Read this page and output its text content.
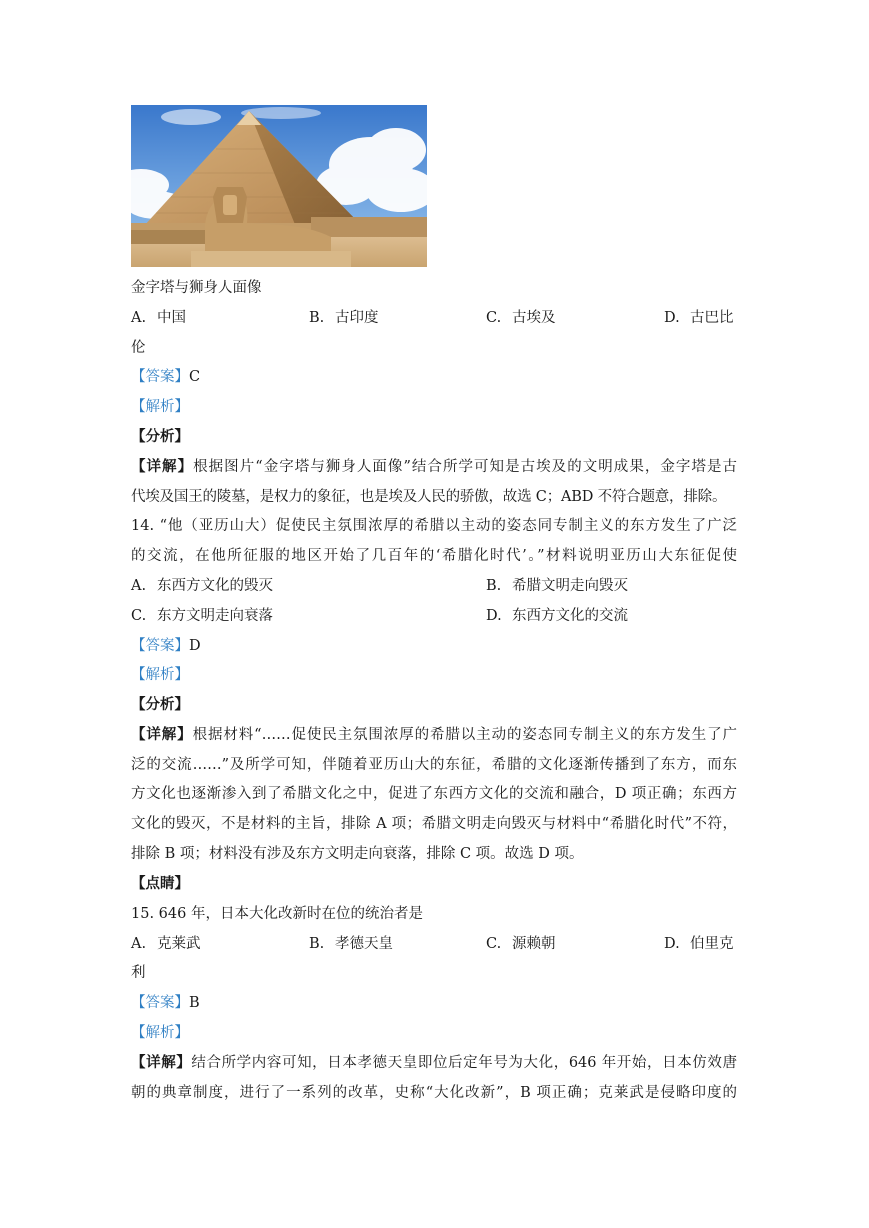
金字塔与狮身人面像
A. 中国	B. 古印度	C. 古埃及	D. 古巴比
伦
【答案】C
【解析】
【分析】
【详解】根据图片“金字塔与狮身人面像”结合所学可知是古埃及的文明成果，金字塔是古
代埃及国王的陵墓，是权力的象征，也是埃及人民的骄傲，故选 C；ABD 不符合题意，排除。
14. “他（亚历山大）促使民主氛围浓厚的希腊以主动的姿态同专制主义的东方发生了广泛
的交流，在他所征服的地区开始了几百年的‘希腊化时代’。”材料说明亚历山大东征促使
A. 东西方文化的毁灭	B. 希腊文明走向毁灭
C. 东方文明走向衰落	D. 东西方文化的交流
【答案】D
【解析】
【分析】
【详解】根据材料“……促使民主氛围浓厚的希腊以主动的姿态同专制主义的东方发生了广
泛的交流……”及所学可知，伴随着亚历山大的东征，希腊的文化逐渐传播到了东方，而东
方文化也逐渐渗入到了希腊文化之中，促进了东西方文化的交流和融合，D 项正确；东西方
文化的毁灭，不是材料的主旨，排除 A 项；希腊文明走向毁灭与材料中“希腊化时代”不符，
排除 B 项；材料没有涉及东方文明走向衰落，排除 C 项。故选 D 项。
【点睛】
15. 646 年，日本大化改新时在位的统治者是
A. 克莱武	B. 孝德天皇	C. 源赖朝	D. 伯里克
利
【答案】B
【解析】
【详解】结合所学内容可知，日本孝德天皇即位后定年号为大化，646 年开始，日本仿效唐
朝的典章制度，进行了一系列的改革，史称“大化改新”，B 项正确；克莱武是侵略印度的
